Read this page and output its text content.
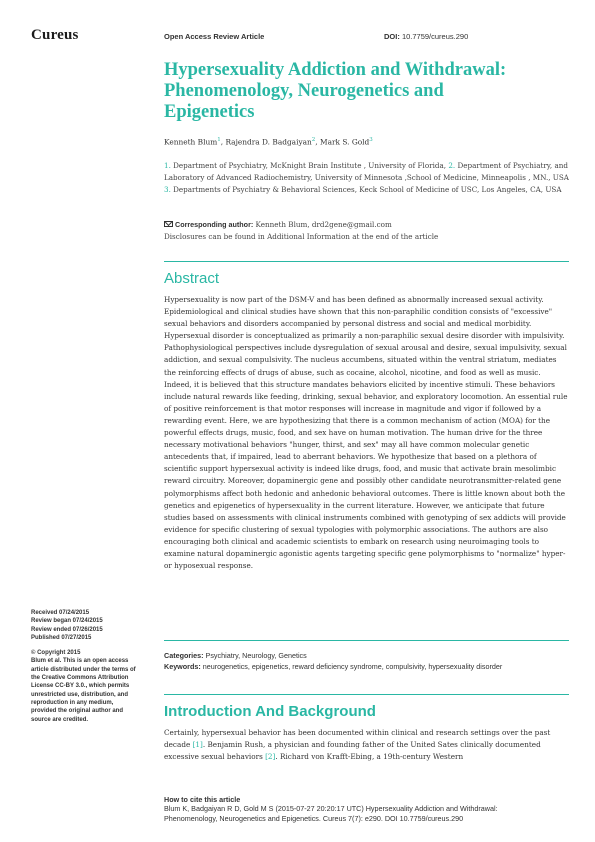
Cureus	Open Access Review Article	DOI: 10.7759/cureus.290
Hypersexuality Addiction and Withdrawal:
Phenomenology, Neurogenetics and
Epigenetics
Kenneth Blum$^1$, Rajendra D. Badgaiyan$^2$, Mark S. Gold$^3$
1. Department of Psychiatry, McKnight Brain Institute , University of Florida, 2. Department of Psychiatry, and Laboratory of Advanced Radiochemistry, University of Minnesota ,School of Medicine, Minneapolis , MN., USA 3. Departments of Psychiatry & Behavioral Sciences, Keck School of Medicine of USC, Los Angeles, CA, USA
Corresponding author: Kenneth Blum, drd2gene@gmail.com
Disclosures can be found in Additional Information at the end of the article
Abstract

Hypersexuality is now part of the DSM-V and has been defined as abnormally increased sexual activity. Epidemiological and clinical studies have shown that this non-paraphilic condition consists of "excessive" sexual behaviors and disorders accompanied by personal distress and social and medical morbidity. Hypersexual disorder is conceptualized as primarily a non-paraphilic sexual desire disorder with impulsivity. Pathophysiological perspectives include dysregulation of sexual arousal and desire, sexual impulsivity, sexual addiction, and sexual compulsivity. The nucleus accumbens, situated within the ventral striatum, mediates the reinforcing effects of drugs of abuse, such as cocaine, alcohol, nicotine, and food as well as music. Indeed, it is believed that this structure mandates behaviors elicited by incentive stimuli. These behaviors include natural rewards like feeding, drinking, sexual behavior, and exploratory locomotion. An essential rule of positive reinforcement is that motor responses will increase in magnitude and vigor if followed by a rewarding event. Here, we are hypothesizing that there is a common mechanism of action (MOA) for the powerful effects drugs, music, food, and sex have on human motivation. The human drive for the three necessary motivational behaviors "hunger, thirst, and sex" may all have common molecular genetic antecedents that, if impaired, lead to aberrant behaviors. We hypothesize that based on a plethora of scientific support hypersexual activity is indeed like drugs, food, and music that activate brain mesolimbic reward circuitry. Moreover, dopaminergic gene and possibly other candidate neurotransmitter-related gene polymorphisms affect both hedonic and anhedonic behavioral outcomes. There is little known about both the genetics and epigenetics of hypersexuality in the current literature. However, we anticipate that future studies based on assessments with clinical instruments combined with genotyping of sex addicts will provide evidence for specific clustering of sexual typologies with polymorphic associations. The authors are also encouraging both clinical and academic scientists to embark on research using neuroimaging tools to examine natural dopaminergic agonistic agents targeting specific gene polymorphisms to "normalize" hyper- or hyposexual response.

Received 07/24/2015
Review began 07/24/2015
Review ended 07/26/2015
Published 07/27/2015
© Copyright 2015
Blum et al. This is an open access
article distributed under the terms of
the Creative Commons Attribution
License CC-BY 3.0., which permits
unrestricted use, distribution, and
reproduction in any medium,
provided the original author and
source are credited.
Categories: Psychiatry, Neurology, Genetics
Keywords: neurogenetics, epigenetics, reward deficiency syndrome, compulsivity, hypersexuality disorder
Introduction And Background

Certainly, hypersexual behavior has been documented within clinical and research settings over the past decade [1]. Benjamin Rush, a physician and founding father of the United Sates clinically documented excessive sexual behaviors [2]. Richard von Krafft-Ebing, a 19th-century Western

How to cite this article
Blum K, Badgaiyan R D, Gold M S (2015-07-27 20:20:17 UTC) Hypersexuality Addiction and Withdrawal:
Phenomenology, Neurogenetics and Epigenetics. Cureus 7(7): e290. DOI 10.7759/cureus.290
